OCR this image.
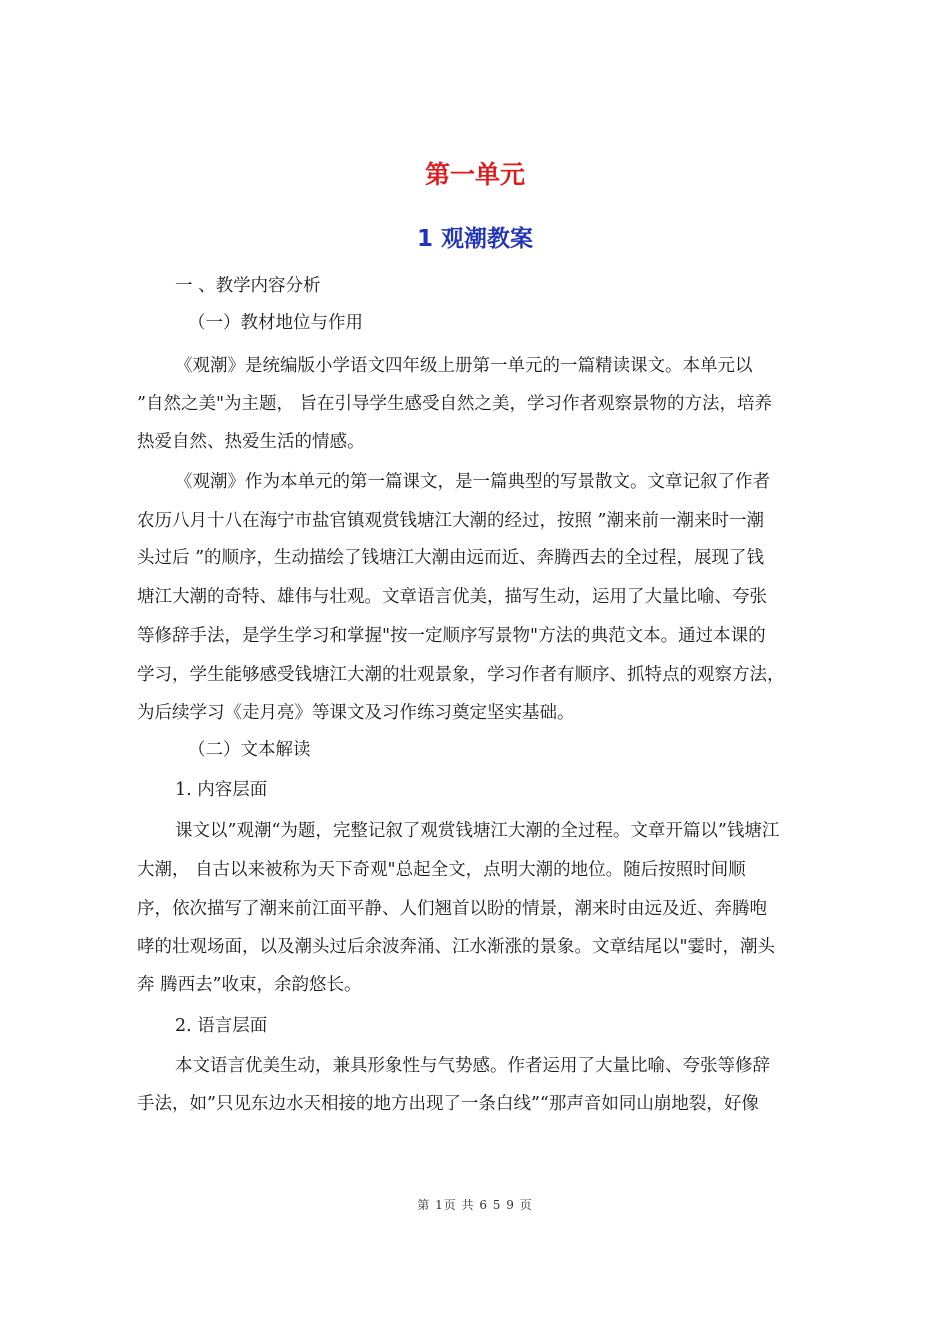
第一单元
1 观潮教案

一 、教学内容分析

（一）教材地位与作用

《观潮》是统编版小学语文四年级上册第一单元的一篇精读课文。本单元以

”自然之美"为主题， 旨在引导学生感受自然之美，学习作者观察景物的方法，培养

热爱自然、热爱生活的情感。

《观潮》作为本单元的第一篇课文，是一篇典型的写景散文。文章记叙了作者

农历八月十八在海宁市盐官镇观赏钱塘江大潮的经过，按照 ”潮来前一潮来时一潮

头过后 ”的顺序，生动描绘了钱塘江大潮由远而近、奔腾西去的全过程，展现了钱

塘江大潮的奇特、雄伟与壮观。文章语言优美，描写生动，运用了大量比喻、夸张

等修辞手法，是学生学习和掌握"按一定顺序写景物"方法的典范文本。通过本课的

学习，学生能够感受钱塘江大潮的壮观景象，学习作者有顺序、抓特点的观察方法，

为后续学习《走月亮》等课文及习作练习奠定坚实基础。

（二）文本解读

1. 内容层面

课文以”观潮“为题，完整记叙了观赏钱塘江大潮的全过程。文章开篇以”钱塘江

大潮， 自古以来被称为天下奇观"总起全文，点明大潮的地位。随后按照时间顺

序，依次描写了潮来前江面平静、人们翘首以盼的情景，潮来时由远及近、奔腾咆

哮的壮观场面，以及潮头过后余波奔涌、江水渐涨的景象。文章结尾以"霎时，潮头

奔 腾西去”收束，余韵悠长。

2. 语言层面

本文语言优美生动，兼具形象性与气势感。作者运用了大量比喻、夸张等修辞

手法，如”只见东边水天相接的地方出现了一条白线”“那声音如同山崩地裂，好像

第 1页 共 6 5 9 页
